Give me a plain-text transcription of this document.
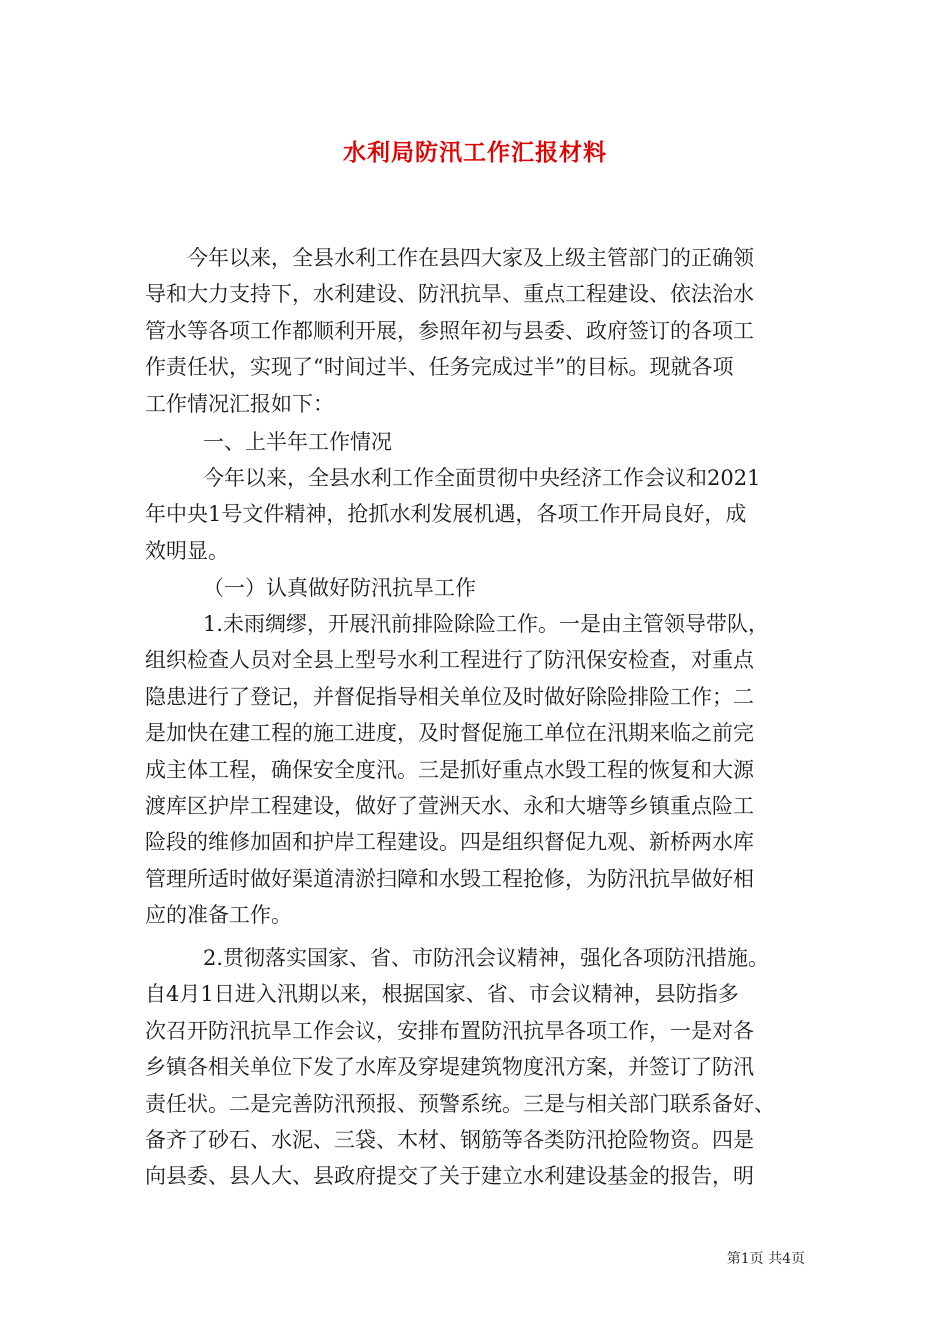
水利局防汛工作汇报材料
今年以来，全县水利工作在县四大家及上级主管部门的正确领
导和大力支持下，水利建设、防汛抗旱、重点工程建设、依法治水
管水等各项工作都顺利开展，参照年初与县委、政府签订的各项工
作责任状，实现了“时间过半、任务完成过半”的目标。现就各项
工作情况汇报如下：

一、上半年工作情况

今年以来，全县水利工作全面贯彻中央经济工作会议和2021
年中央1号文件精神，抢抓水利发展机遇，各项工作开局良好，成
效明显。

（一）认真做好防汛抗旱工作

1.未雨绸缪，开展汛前排险除险工作。一是由主管领导带队，
组织检查人员对全县上型号水利工程进行了防汛保安检查，对重点
隐患进行了登记，并督促指导相关单位及时做好除险排险工作；二
是加快在建工程的施工进度，及时督促施工单位在汛期来临之前完
成主体工程，确保安全度汛。三是抓好重点水毁工程的恢复和大源
渡库区护岸工程建设，做好了萱洲天水、永和大塘等乡镇重点险工
险段的维修加固和护岸工程建设。四是组织督促九观、新桥两水库
管理所适时做好渠道清淤扫障和水毁工程抢修，为防汛抗旱做好相
应的准备工作。
2.贯彻落实国家、省、市防汛会议精神，强化各项防汛措施。
自4月1日进入汛期以来，根据国家、省、市会议精神，县防指多
次召开防汛抗旱工作会议，安排布置防汛抗旱各项工作，一是对各
乡镇各相关单位下发了水库及穿堤建筑物度汛方案，并签订了防汛
责任状。二是完善防汛预报、预警系统。三是与相关部门联系备好、
备齐了砂石、水泥、三袋、木材、钢筋等各类防汛抢险物资。四是
向县委、县人大、县政府提交了关于建立水利建设基金的报告，明
第1页 共4页
